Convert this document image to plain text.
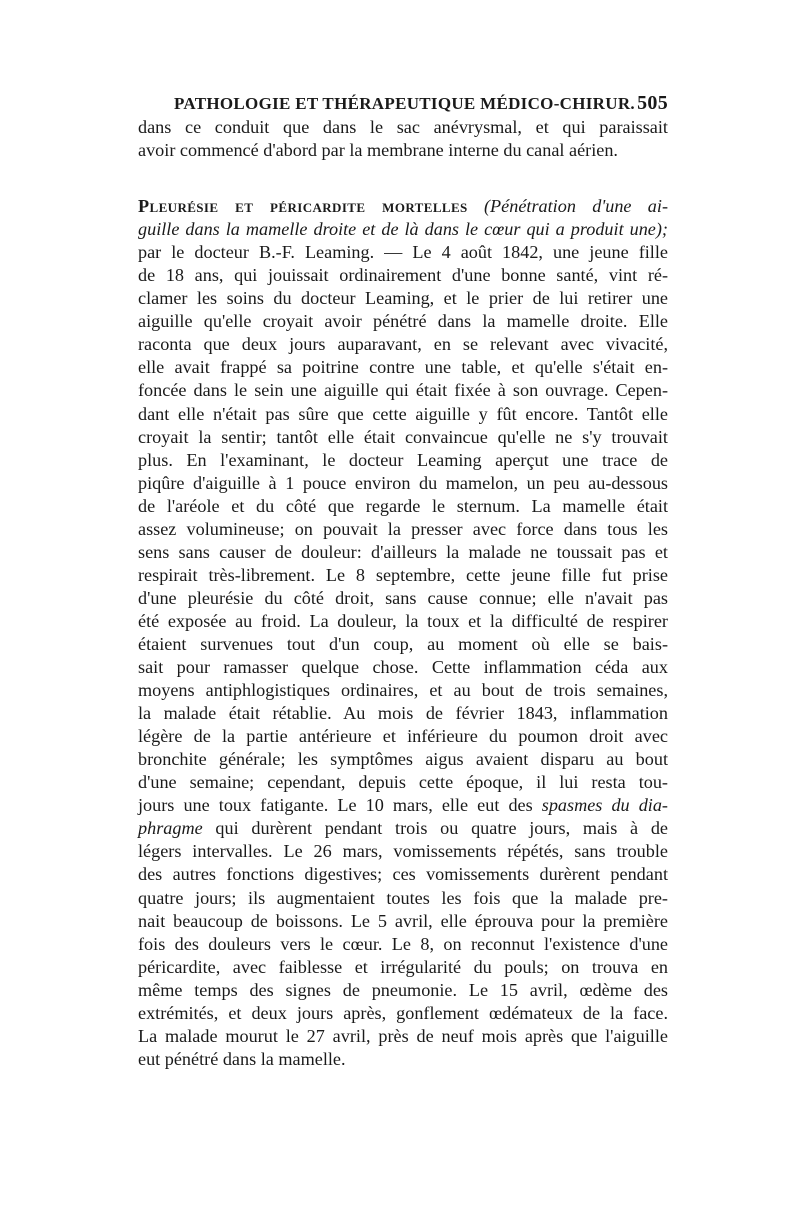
PATHOLOGIE ET THÉRAPEUTIQUE MÉDICO-CHIRUR. 505
dans ce conduit que dans le sac anévrysmal, et qui paraissait
avoir commencé d'abord par la membrane interne du canal aérien.
Pleurésie et péricardite mortelles (Pénétration d'une ai-
guille dans la mamelle droite et de là dans le cœur qui a produit une);
par le docteur B.-F. Leaming. — Le 4 août 1842, une jeune fille
de 18 ans, qui jouissait ordinairement d'une bonne santé, vint ré-
clamer les soins du docteur Leaming, et le prier de lui retirer une
aiguille qu'elle croyait avoir pénétré dans la mamelle droite. Elle
raconta que deux jours auparavant, en se relevant avec vivacité,
elle avait frappé sa poitrine contre une table, et qu'elle s'était en-
foncée dans le sein une aiguille qui était fixée à son ouvrage. Cepen-
dant elle n'était pas sûre que cette aiguille y fût encore. Tantôt elle
croyait la sentir; tantôt elle était convaincue qu'elle ne s'y trouvait
plus. En l'examinant, le docteur Leaming aperçut une trace de
piqûre d'aiguille à 1 pouce environ du mamelon, un peu au-dessous
de l'aréole et du côté que regarde le sternum. La mamelle était
assez volumineuse; on pouvait la presser avec force dans tous les
sens sans causer de douleur: d'ailleurs la malade ne toussait pas et
respirait très-librement. Le 8 septembre, cette jeune fille fut prise
d'une pleurésie du côté droit, sans cause connue; elle n'avait pas
été exposée au froid. La douleur, la toux et la difficulté de respirer
étaient survenues tout d'un coup, au moment où elle se bais-
sait pour ramasser quelque chose. Cette inflammation céda aux
moyens antiphlogistiques ordinaires, et au bout de trois semaines,
la malade était rétablie. Au mois de février 1843, inflammation
légère de la partie antérieure et inférieure du poumon droit avec
bronchite générale; les symptômes aigus avaient disparu au bout
d'une semaine; cependant, depuis cette époque, il lui resta tou-
jours une toux fatigante. Le 10 mars, elle eut des spasmes du dia-
phragme qui durèrent pendant trois ou quatre jours, mais à de
légers intervalles. Le 26 mars, vomissements répétés, sans trouble
des autres fonctions digestives; ces vomissements durèrent pendant
quatre jours; ils augmentaient toutes les fois que la malade pre-
nait beaucoup de boissons. Le 5 avril, elle éprouva pour la première
fois des douleurs vers le cœur. Le 8, on reconnut l'existence d'une
péricardite, avec faiblesse et irrégularité du pouls; on trouva en
même temps des signes de pneumonie. Le 15 avril, œdème des
extrémités, et deux jours après, gonflement œdémateux de la face.
La malade mourut le 27 avril, près de neuf mois après que l'aiguille
eut pénétré dans la mamelle.
